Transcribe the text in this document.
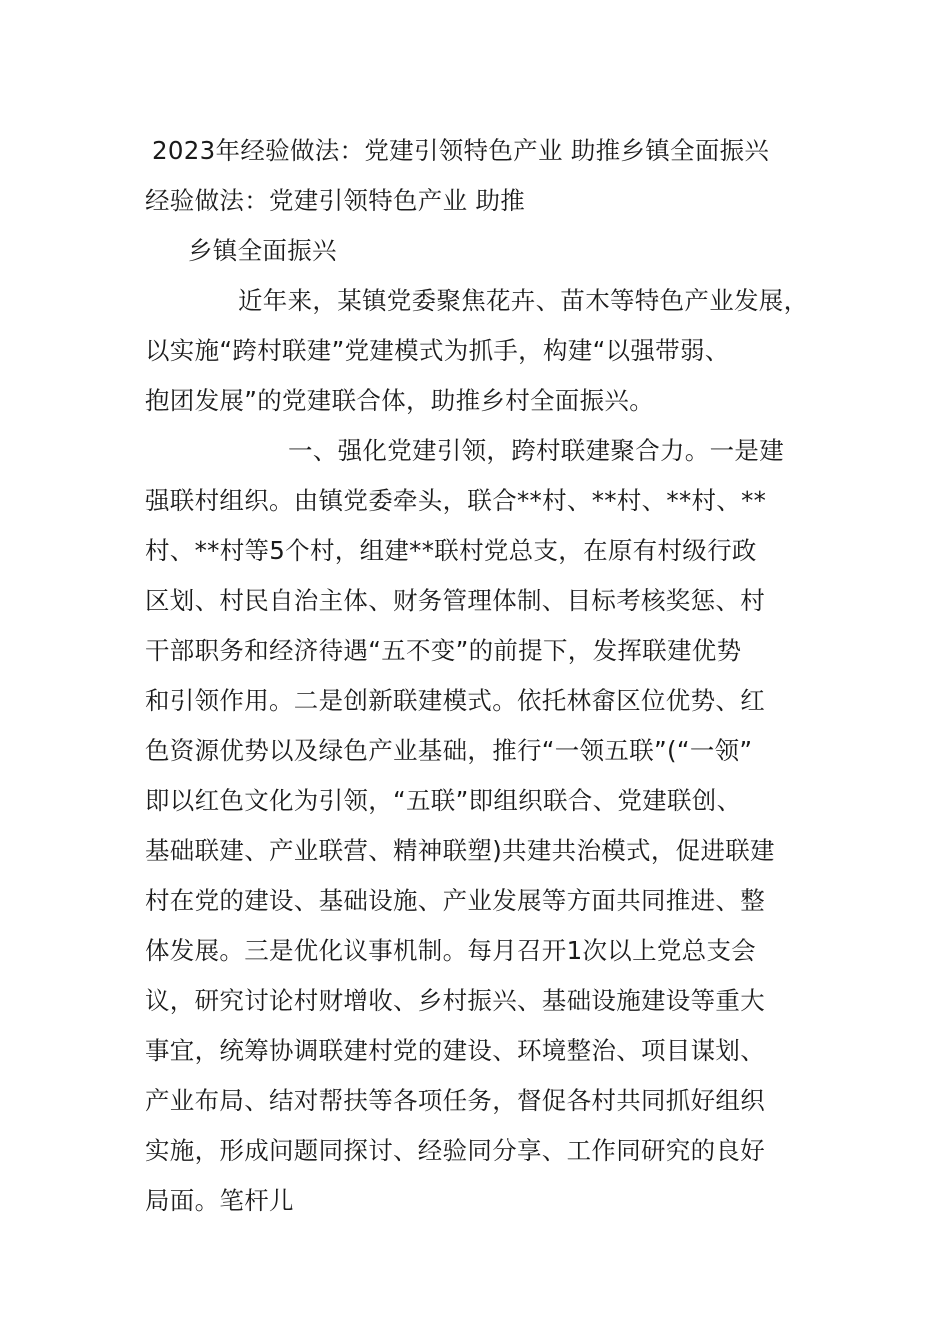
2023年经验做法：党建引领特色产业 助推乡镇全面振兴
经验做法：党建引领特色产业 助推
乡镇全面振兴
近年来，某镇党委聚焦花卉、苗木等特色产业发展，
以实施“跨村联建”党建模式为抓手，构建“以强带弱、
抱团发展”的党建联合体，助推乡村全面振兴。
一、强化党建引领，跨村联建聚合力。一是建
强联村组织。由镇党委牵头，联合**村、**村、**村、**
村、**村等5个村，组建**联村党总支，在原有村级行政
区划、村民自治主体、财务管理体制、目标考核奖惩、村
干部职务和经济待遇“五不变”的前提下，发挥联建优势
和引领作用。二是创新联建模式。依托林畲区位优势、红
色资源优势以及绿色产业基础，推行“一领五联”(“一领”
即以红色文化为引领，“五联”即组织联合、党建联创、
基础联建、产业联营、精神联塑)共建共治模式，促进联建
村在党的建设、基础设施、产业发展等方面共同推进、整
体发展。三是优化议事机制。每月召开1次以上党总支会
议，研究讨论村财增收、乡村振兴、基础设施建设等重大
事宜，统筹协调联建村党的建设、环境整治、项目谋划、
产业布局、结对帮扶等各项任务，督促各村共同抓好组织
实施，形成问题同探讨、经验同分享、工作同研究的良好
局面。笔杆儿
